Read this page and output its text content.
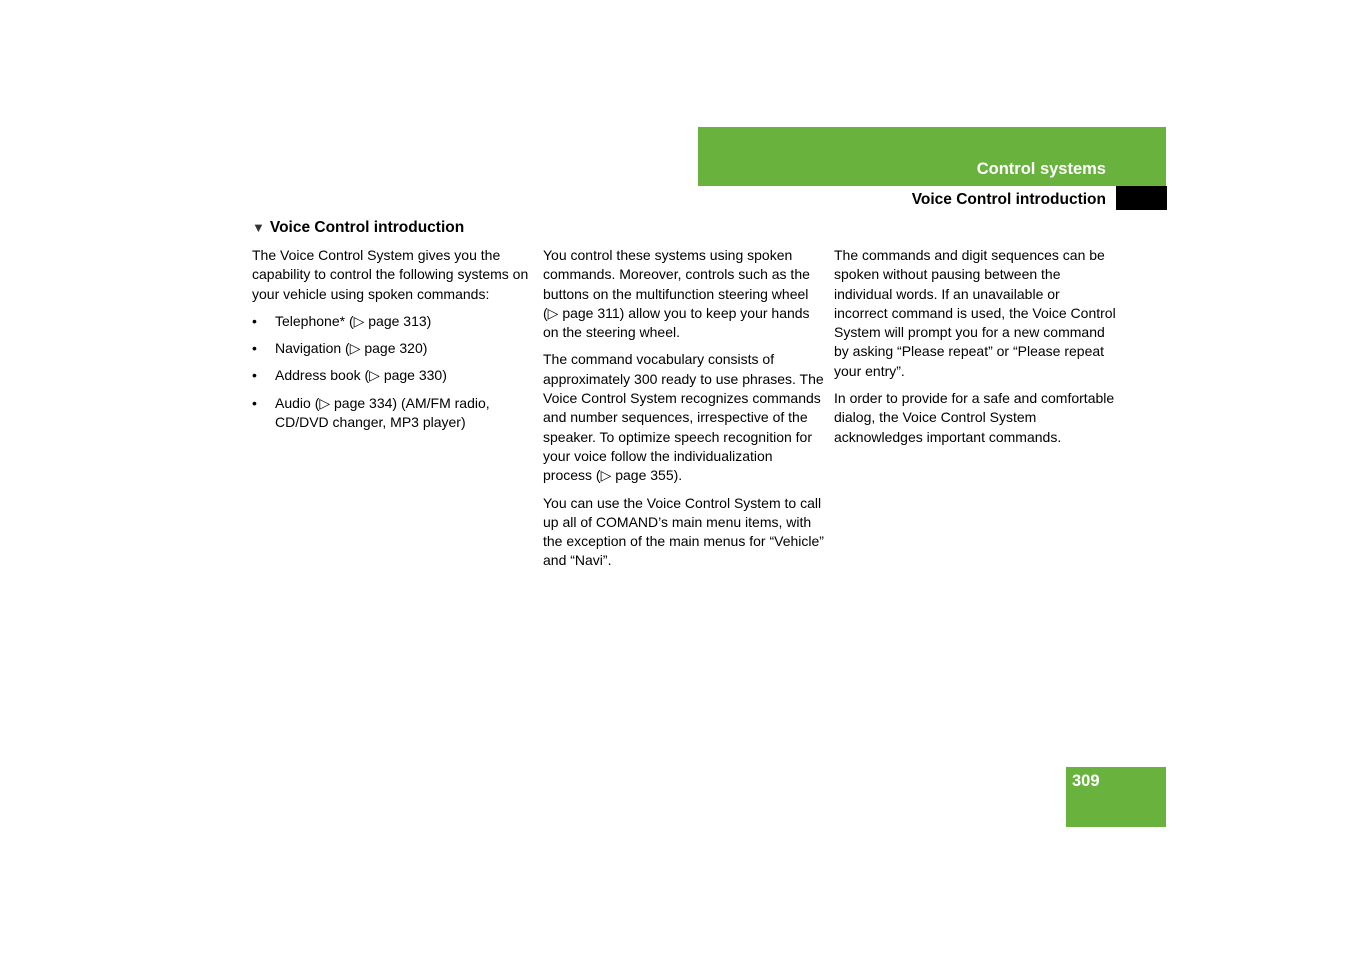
Control systems
Voice Control introduction
▼ Voice Control introduction

The Voice Control System gives you the capability to control the following systems on your vehicle using spoken commands:

• Telephone* (▷ page 313)
• Navigation (▷ page 320)
• Address book (▷ page 330)
• Audio (▷ page 334) (AM/FM radio, CD/DVD changer, MP3 player)

You control these systems using spoken commands. Moreover, controls such as the buttons on the multifunction steering wheel (▷ page 311) allow you to keep your hands on the steering wheel.

The command vocabulary consists of approximately 300 ready to use phrases. The Voice Control System recognizes commands and number sequences, irrespective of the speaker. To optimize speech recognition for your voice follow the individualization process (▷ page 355).

You can use the Voice Control System to call up all of COMAND’s main menu items, with the exception of the main menus for “Vehicle” and “Navi”.

The commands and digit sequences can be spoken without pausing between the individual words. If an unavailable or incorrect command is used, the Voice Control System will prompt you for a new command by asking “Please repeat” or “Please repeat your entry”.

In order to provide for a safe and comfortable dialog, the Voice Control System acknowledges important commands.

309
